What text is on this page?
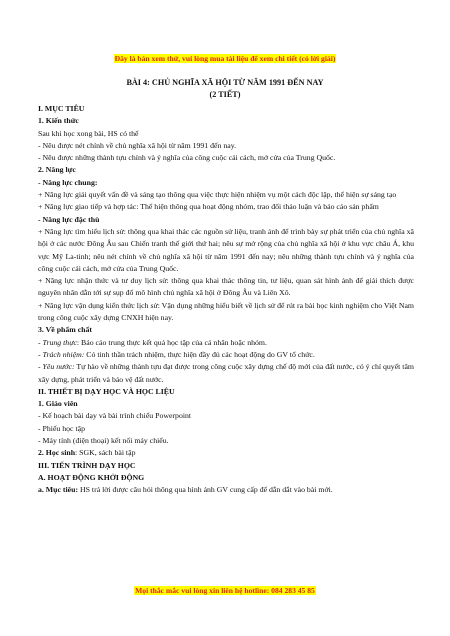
Đây là bản xem thử, vui lòng mua tài liệu để xem chi tiết (có lời giải)
BÀI 4: CHỦ NGHĨA XÃ HỘI TỪ NĂM 1991 ĐẾN NAY
(2 TIẾT)

I. MỤC TIÊU

1. Kiến thức

Sau khi học xong bài, HS có thể

- Nêu được nét chính về chủ nghĩa xã hội từ năm 1991 đến nay.

- Nêu được những thành tựu chính và ý nghĩa của công cuộc cải cách, mở cửa của Trung Quốc.

2. Năng lực

- Năng lực chung:

+ Năng lực giải quyết vấn đề và sáng tạo thông qua việc thực hiện nhiệm vụ một cách độc lập, thể hiện sự sáng tạo

+ Năng lực giao tiếp và hợp tác: Thể hiện thông qua hoạt động nhóm, trao đổi thảo luận và báo cáo sản phẩm

- Năng lực đặc thù

+ Năng lực tìm hiểu lịch sử: thông qua khai thác các nguồn sử liệu, tranh ảnh để trình bày sự phát triển của chủ nghĩa xã hội ở các nước Đông Âu sau Chiến tranh thế giới thứ hai; nêu sự mở rộng của chủ nghĩa xã hội ở khu vực châu Á, khu vực Mỹ La-tinh; nêu nét chính về chủ nghĩa xã hội từ năm 1991 đến nay; nêu những thành tựu chính và ý nghĩa của công cuộc cải cách, mở cửa của Trung Quốc.

+ Năng lực nhận thức và tư duy lịch sử: thông qua khai thác thông tin, tư liệu, quan sát hình ảnh để giải thích được nguyên nhân dẫn tới sự sụp đổ mô hình chủ nghĩa xã hội ở Đông Âu và Liên Xô.

+ Năng lực vận dụng kiến thức lịch sử: Vận dụng những hiểu biết về lịch sử để rút ra bài học kinh nghiệm cho Việt Nam trong công cuộc xây dựng CNXH hiện nay.

3. Về phẩm chất

- Trung thực: Báo cáo trung thực kết quả học tập của cá nhân hoặc nhóm.

- Trách nhiệm: Có tinh thần trách nhiệm, thực hiện đầy đủ các hoạt động do GV tổ chức.

- Yêu nước: Tự hào về những thành tựu đạt được trong công cuộc xây dựng chế độ mới của đất nước, có ý chí quyết tâm xây dựng, phát triển và bảo vệ đất nước.

II. THIẾT BỊ DẠY HỌC VÀ HỌC LIỆU

1. Giáo viên

- Kế hoạch bài dạy và bài trình chiếu Powerpoint

- Phiếu học tập

- Máy tính (điện thoại) kết nối máy chiếu.

2. Học sinh: SGK, sách bài tập

III. TIẾN TRÌNH DẠY HỌC

A. HOẠT ĐỘNG KHỞI ĐỘNG

a. Mục tiêu: HS trả lời được câu hỏi thông qua hình ảnh GV cung cấp để dẫn dắt vào bài mới.

Mọi thắc mắc vui lòng xin liên hệ hotline: 084 283 45 85
